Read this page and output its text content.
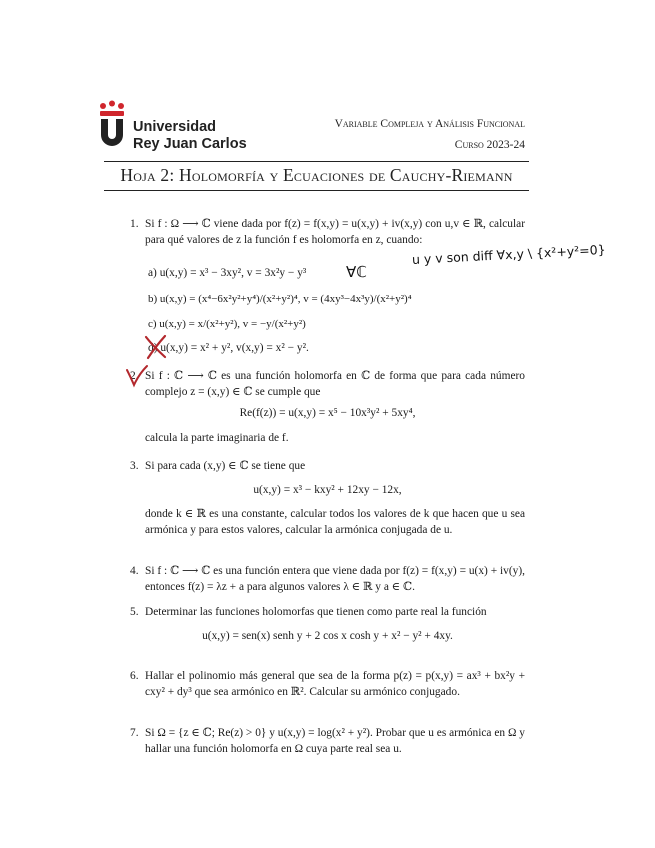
Universidad
Rey Juan Carlos
Variable Compleja y Análisis Funcional
Curso 2023-24
Hoja 2: Holomorfía y Ecuaciones de Cauchy-Riemann
1. Si f : Ω ⟶ ℂ viene dada por f(z) = f(x,y) = u(x,y) + iv(x,y) con u,v ∈ ℝ, calcular para qué valores de z la función f es holomorfa en z, cuando:
a) u(x,y) = x³ − 3xy², v = 3x²y − y³
b) u(x,y) = (x⁴−6x²y²+y⁴)/(x²+y²)⁴, v = (4xy³−4x³y)/(x²+y²)⁴
c) u(x,y) = x/(x²+y²), v = −y/(x²+y²)
d) u(x,y) = x² + y², v(x,y) = x² − y².
2. Si f : ℂ ⟶ ℂ es una función holomorfa en ℂ de forma que para cada número complejo z = (x,y) ∈ ℂ se cumple que
Re(f(z)) = u(x,y) = x⁵ − 10x³y² + 5xy⁴,
calcula la parte imaginaria de f.
3. Si para cada (x,y) ∈ ℂ se tiene que
u(x,y) = x³ − kxy² + 12xy − 12x,
donde k ∈ ℝ es una constante, calcular todos los valores de k que hacen que u sea armónica y para estos valores, calcular la armónica conjugada de u.
4. Si f : ℂ ⟶ ℂ es una función entera que viene dada por f(z) = f(x,y) = u(x) + iv(y), entonces f(z) = λz + a para algunos valores λ ∈ ℝ y a ∈ ℂ.
5. Determinar las funciones holomorfas que tienen como parte real la función
u(x,y) = sen(x) senh y + 2 cos x cosh y + x² − y² + 4xy.
6. Hallar el polinomio más general que sea de la forma p(z) = p(x,y) = ax³ + bx²y + cxy² + dy³ que sea armónico en ℝ². Calcular su armónico conjugado.
7. Si Ω = {z ∈ ℂ; Re(z) > 0} y u(x,y) = log(x² + y²). Probar que u es armónica en Ω y hallar una función holomorfa en Ω cuya parte real sea u.
∀ℂ
u y v son diff ∀x,y \ {x²+y²=0}
